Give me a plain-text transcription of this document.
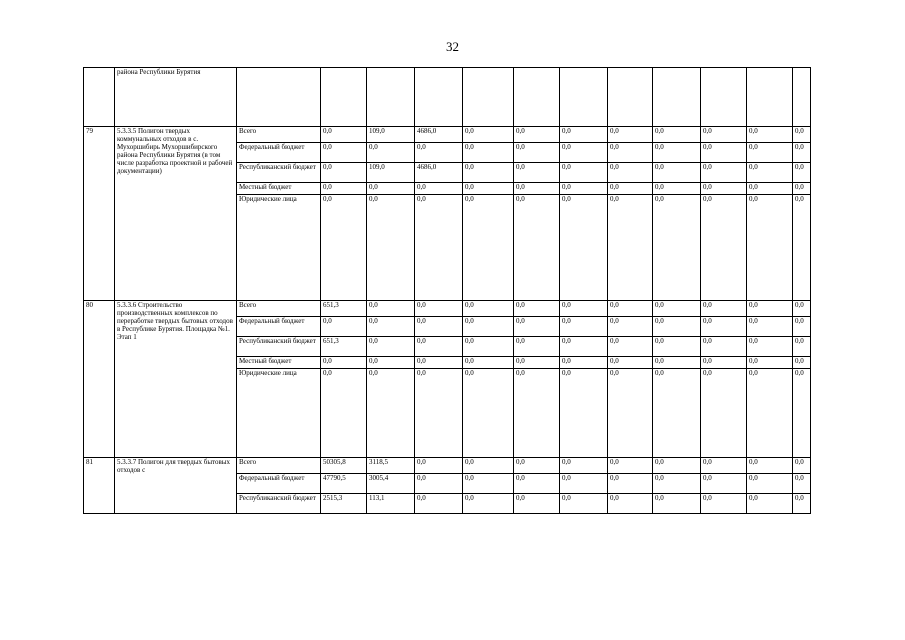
32
	района Республики Бурятия												
79	5.3.3.5 Полигон твердых коммунальных отходов в с. Мухоршибирь Мухоршибирского района Республики Бурятия (в том числе разработка проектной и рабочей документации)	Всего	0,0	109,0	4686,0	0,0	0,0	0,0	0,0	0,0	0,0	0,0	0,0
		Федеральный бюджет	0,0	0,0	0,0	0,0	0,0	0,0	0,0	0,0	0,0	0,0	0,0
		Республиканский бюджет	0,0	109,0	4686,0	0,0	0,0	0,0	0,0	0,0	0,0	0,0	0,0
		Местный бюджет	0,0	0,0	0,0	0,0	0,0	0,0	0,0	0,0	0,0	0,0	0,0
		Юридические лица	0,0	0,0	0,0	0,0	0,0	0,0	0,0	0,0	0,0	0,0	0,0
80	5.3.3.6 Строительство производственных комплексов по переработке твердых бытовых отходов в Республике Бурятия. Площадка №1. Этап 1	Всего	651,3	0,0	0,0	0,0	0,0	0,0	0,0	0,0	0,0	0,0	0,0
		Федеральный бюджет	0,0	0,0	0,0	0,0	0,0	0,0	0,0	0,0	0,0	0,0	0,0
		Республиканский бюджет	651,3	0,0	0,0	0,0	0,0	0,0	0,0	0,0	0,0	0,0	0,0
		Местный бюджет	0,0	0,0	0,0	0,0	0,0	0,0	0,0	0,0	0,0	0,0	0,0
		Юридические лица	0,0	0,0	0,0	0,0	0,0	0,0	0,0	0,0	0,0	0,0	0,0
81	5.3.3.7 Полигон для твердых бытовых отходов с	Всего	50305,8	3118,5	0,0	0,0	0,0	0,0	0,0	0,0	0,0	0,0	0,0
		Федеральный бюджет	47790,5	3005,4	0,0	0,0	0,0	0,0	0,0	0,0	0,0	0,0	0,0
		Республиканский бюджет	2515,3	113,1	0,0	0,0	0,0	0,0	0,0	0,0	0,0	0,0	0,0
